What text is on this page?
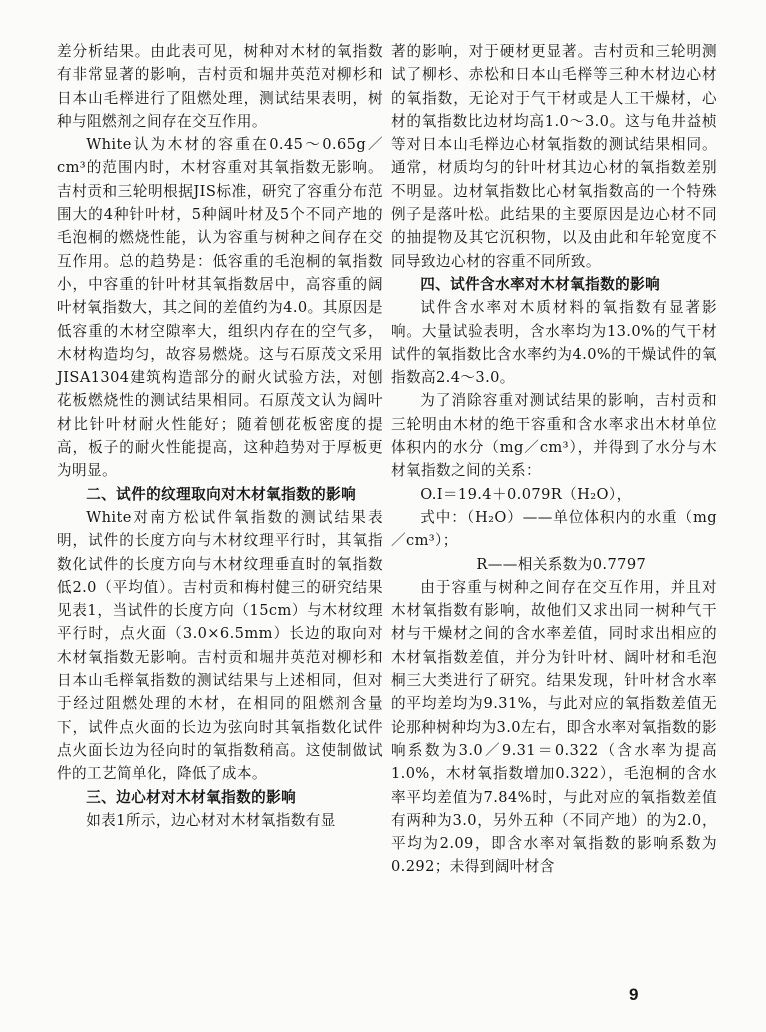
差分析结果。由此表可见，树种对木材的氧指数有非常显著的影响，吉村贡和堀井英范对柳杉和日本山毛榉进行了阻燃处理，测试结果表明，树种与阻燃剂之间存在交互作用。

White认为木材的容重在0.45～0.65g／cm³的范围内时，木材容重对其氧指数无影响。吉村贡和三轮明根据JIS标准，研究了容重分布范围大的4种针叶材，5种阔叶材及5个不同产地的毛泡桐的燃烧性能，认为容重与树种之间存在交互作用。总的趋势是：低容重的毛泡桐的氧指数小，中容重的针叶材其氧指数居中，高容重的阔叶材氧指数大，其之间的差值约为4.0。其原因是低容重的木材空隙率大，组织内存在的空气多，木材构造均匀，故容易燃烧。这与石原茂文采用JISA1304建筑构造部分的耐火试验方法，对刨花板燃烧性的测试结果相同。石原茂文认为阔叶材比针叶材耐火性能好；随着刨花板密度的提高，板子的耐火性能提高，这种趋势对于厚板更为明显。

二、试件的纹理取向对木材氧指数的影响

White对南方松试件氧指数的测试结果表明，试件的长度方向与木材纹理平行时，其氧指数化试件的长度方向与木材纹理垂直时的氧指数低2.0（平均值）。吉村贡和梅村健三的研究结果见表1，当试件的长度方向（15cm）与木材纹理平行时，点火面（3.0×6.5mm）长边的取向对木材氧指数无影响。吉村贡和堀井英范对柳杉和日本山毛榉氧指数的测试结果与上述相同，但对于经过阻燃处理的木材，在相同的阻燃剂含量下，试件点火面的长边为弦向时其氧指数化试件点火面长边为径向时的氧指数稍高。这使制做试件的工艺简单化，降低了成本。

三、边心材对木材氧指数的影响

如表1所示，边心材对木材氧指数有显

著的影响，对于硬材更显著。吉村贡和三轮明测试了柳杉、赤松和日本山毛榉等三种木材边心材的氧指数，无论对于气干材或是人工干燥材，心材的氧指数比边材均高1.0～3.0。这与龟井益桢等对日本山毛榉边心材氧指数的测试结果相同。通常，材质均匀的针叶材其边心材的氧指数差别不明显。边材氧指数比心材氧指数高的一个特殊例子是落叶松。此结果的主要原因是边心材不同的抽提物及其它沉积物，以及由此和年轮宽度不同导致边心材的容重不同所致。

四、试件含水率对木材氧指数的影响

试件含水率对木质材料的氧指数有显著影响。大量试验表明，含水率均为13.0%的气干材试件的氧指数比含水率约为4.0%的干燥试件的氧指数高2.4～3.0。

为了消除容重对测试结果的影响，吉村贡和三轮明由木材的绝干容重和含水率求出木材单位体积内的水分（mg／cm³），并得到了水分与木材氧指数之间的关系：

O.I＝19.4＋0.079R（H₂O），

式中：（H₂O）——单位体积内的水重（mg／cm³）；

R——相关系数为0.7797

由于容重与树种之间存在交互作用，并且对木材氧指数有影响，故他们又求出同一树种气干材与干燥材之间的含水率差值，同时求出相应的木材氧指数差值，并分为针叶材、阔叶材和毛泡桐三大类进行了研究。结果发现，针叶材含水率的平均差均为9.31%，与此对应的氧指数差值无论那种树种均为3.0左右，即含水率对氧指数的影响系数为3.0／9.31＝0.322（含水率为提高1.0%，木材氧指数增加0.322），毛泡桐的含水率平均差值为7.84%时，与此对应的氧指数差值有两种为3.0，另外五种（不同产地）的为2.0，平均为2.09，即含水率对氧指数的影响系数为0.292；未得到阔叶材含

9
